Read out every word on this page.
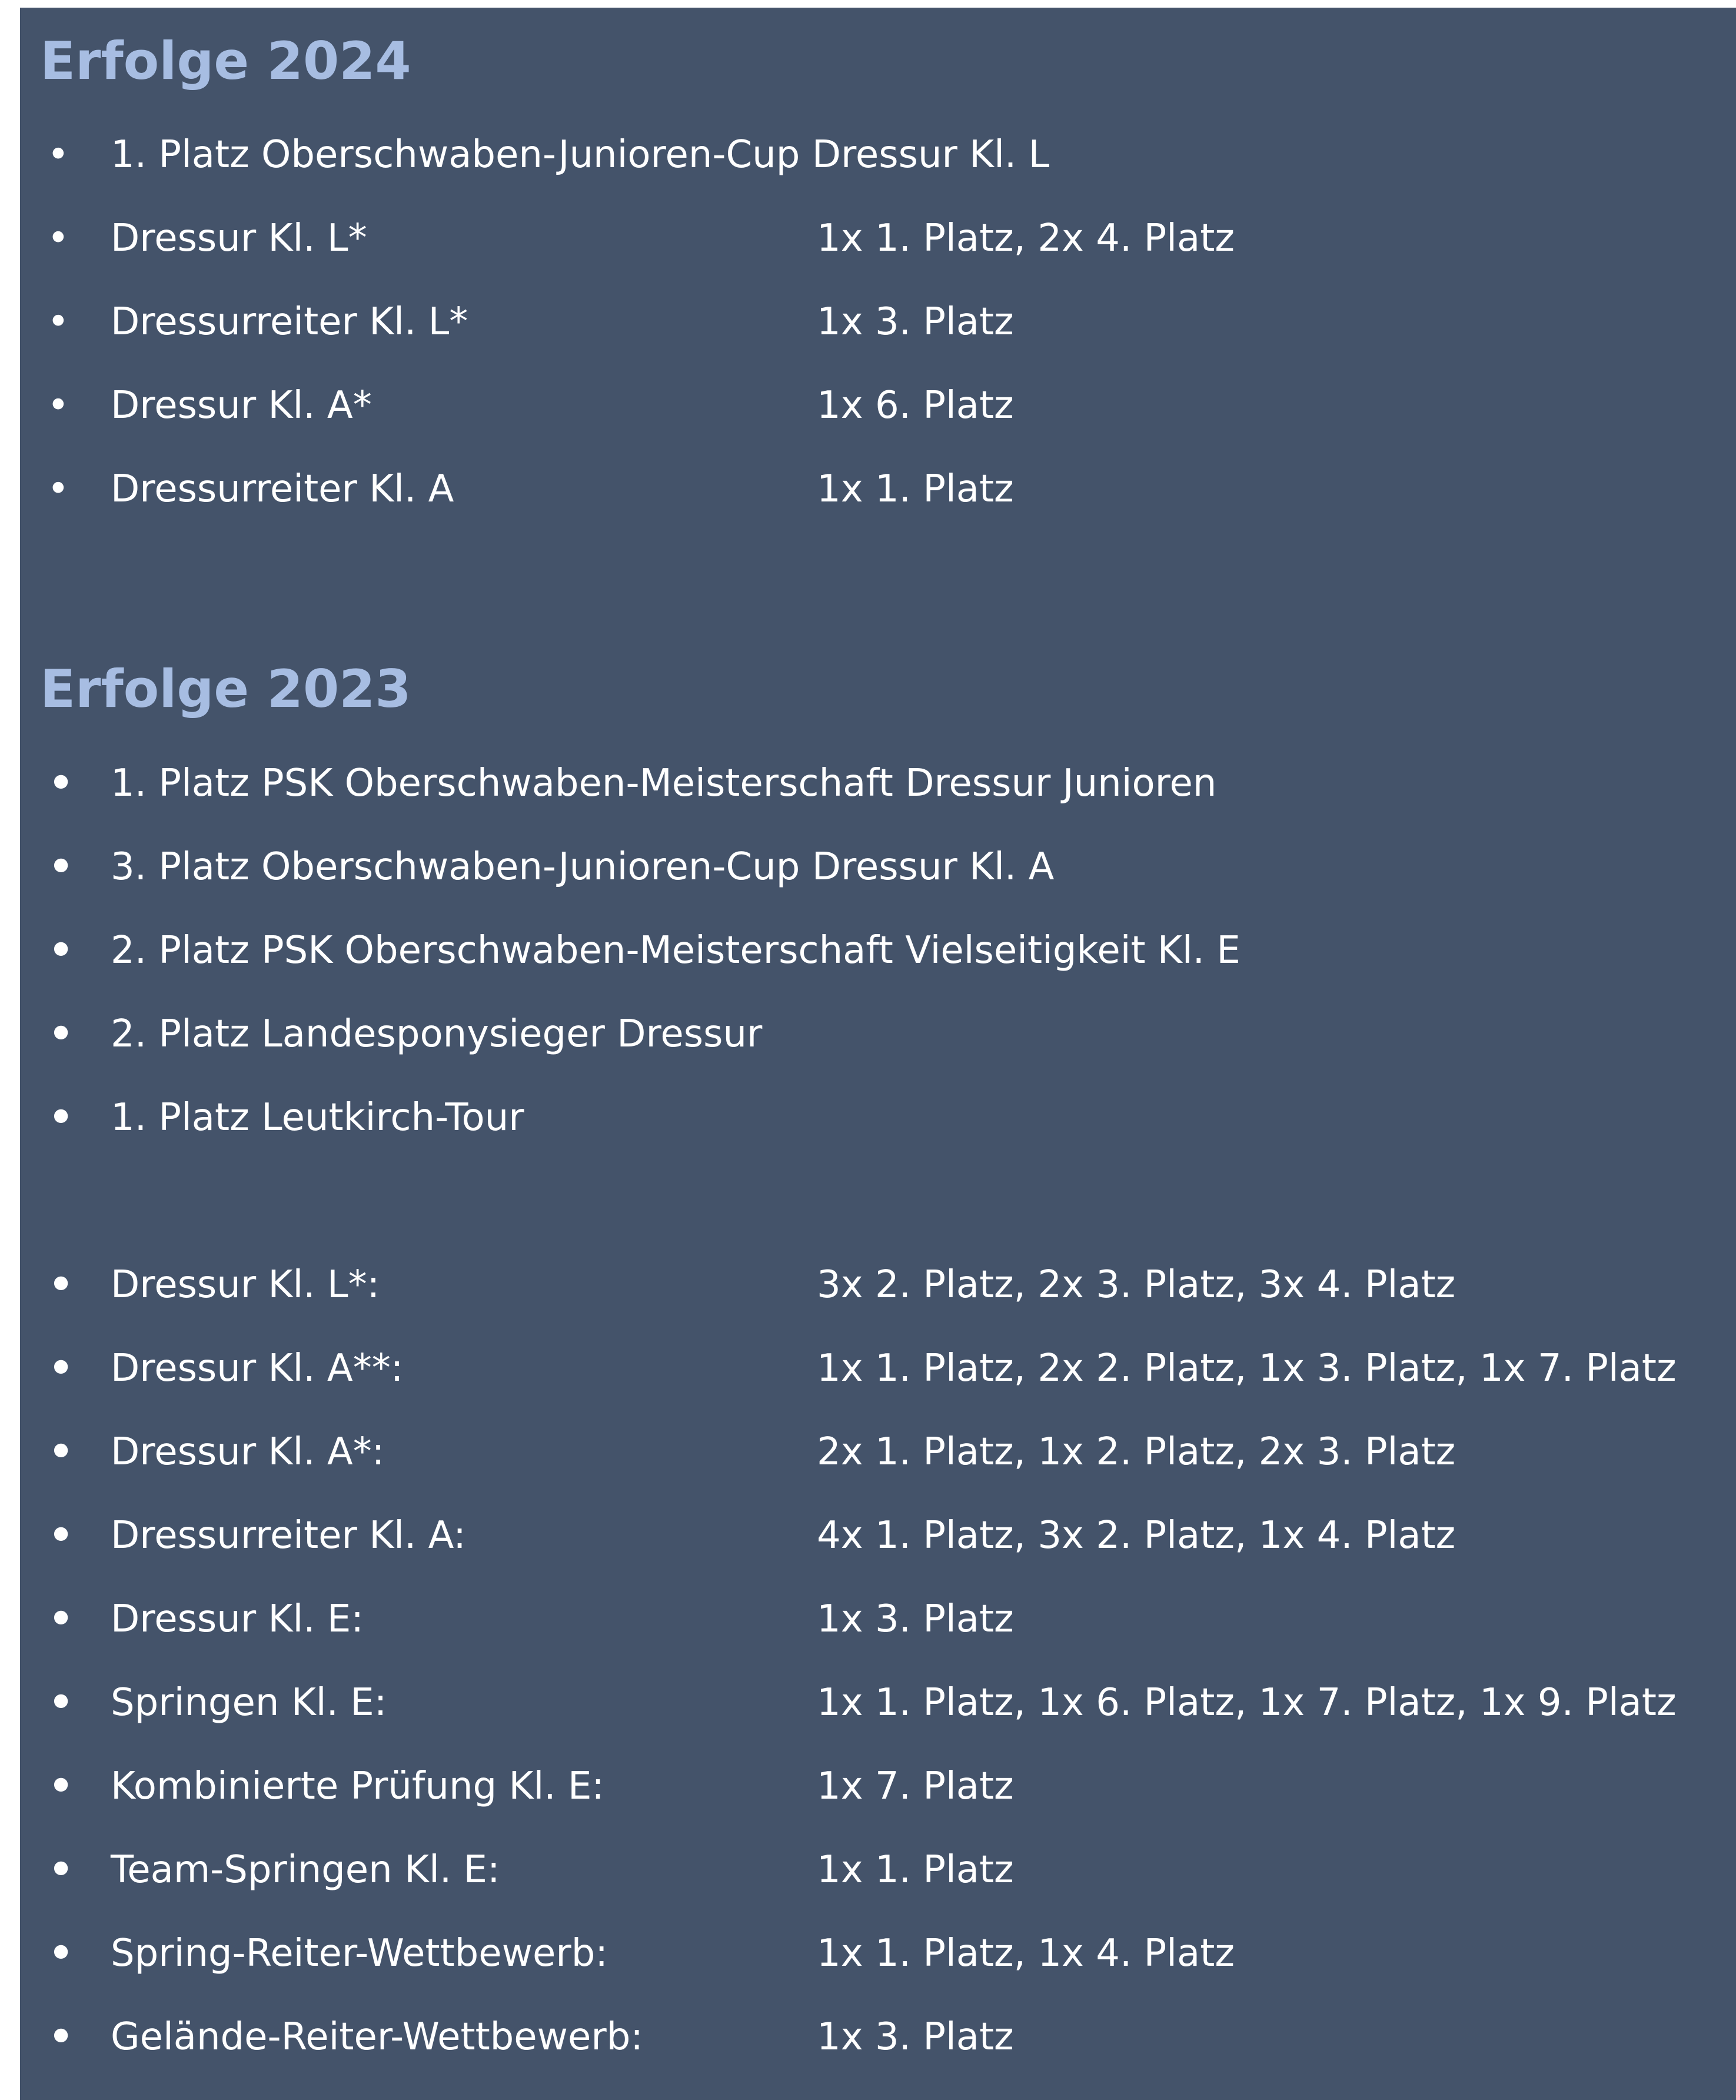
Erfolge 2024
• 1. Platz Oberschwaben-Junioren-Cup Dressur Kl. L
• Dressur Kl. L*	1x 1. Platz, 2x 4. Platz
• Dressurreiter Kl. L*	1x 3. Platz
• Dressur Kl. A*	1x 6. Platz
• Dressurreiter Kl. A	1x 1. Platz
Erfolge 2023
• 1. Platz PSK Oberschwaben-Meisterschaft Dressur Junioren
• 3. Platz Oberschwaben-Junioren-Cup Dressur Kl. A
• 2. Platz PSK Oberschwaben-Meisterschaft Vielseitigkeit Kl. E
• 2. Platz Landesponysieger Dressur
• 1. Platz Leutkirch-Tour
• Dressur Kl. L*:	3x 2. Platz, 2x 3. Platz, 3x 4. Platz
• Dressur Kl. A**:	1x 1. Platz, 2x 2. Platz, 1x 3. Platz, 1x 7. Platz
• Dressur Kl. A*:	2x 1. Platz, 1x 2. Platz, 2x 3. Platz
• Dressurreiter Kl. A:	4x 1. Platz, 3x 2. Platz, 1x 4. Platz
• Dressur Kl. E:	1x 3. Platz
• Springen Kl. E:	1x 1. Platz, 1x 6. Platz, 1x 7. Platz, 1x 9. Platz
• Kombinierte Prüfung Kl. E:	1x 7. Platz
• Team-Springen Kl. E:	1x 1. Platz
• Spring-Reiter-Wettbewerb:	1x 1. Platz, 1x 4. Platz
• Gelände-Reiter-Wettbewerb:	1x 3. Platz
